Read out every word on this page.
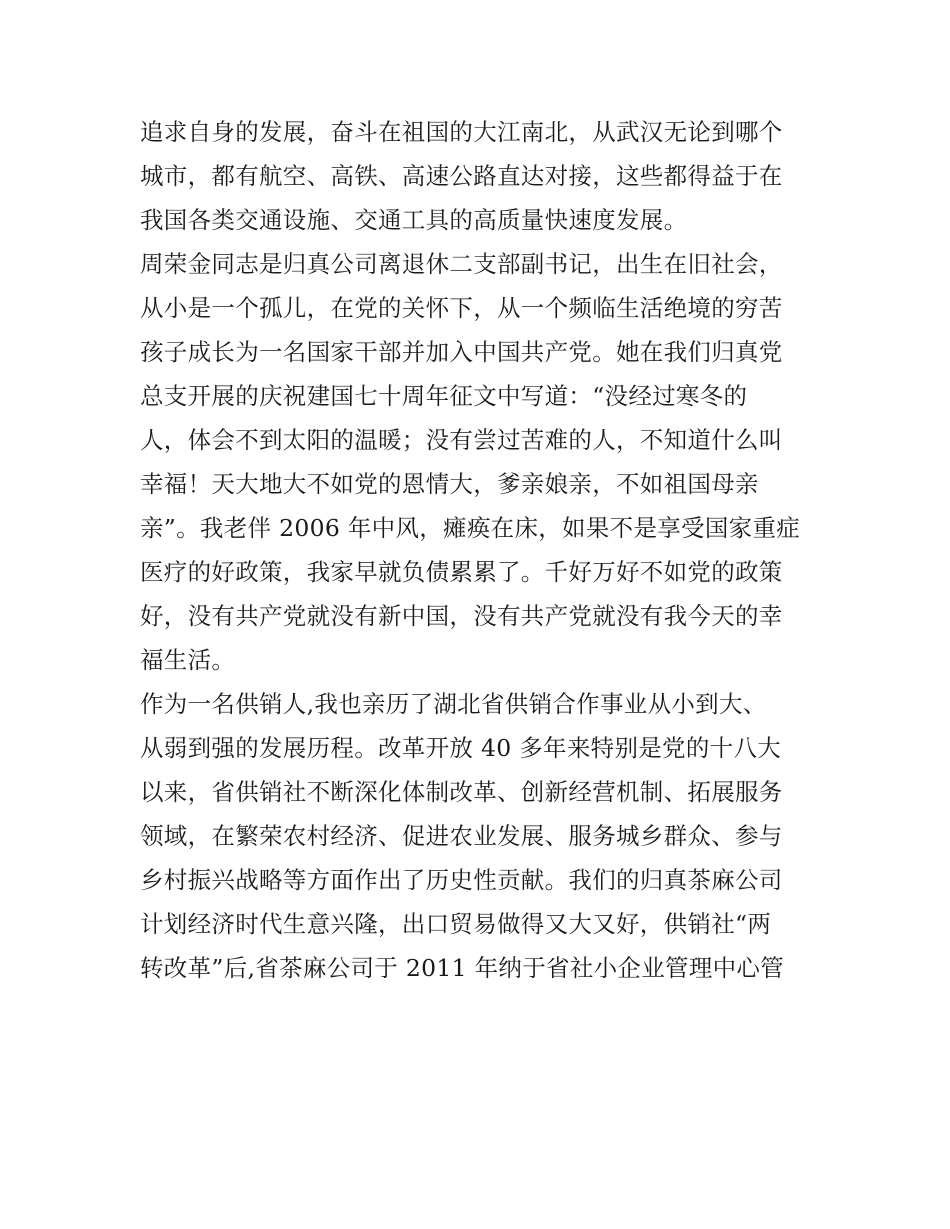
追求自身的发展，奋斗在祖国的大江南北，从武汉无论到哪个
城市，都有航空、高铁、高速公路直达对接，这些都得益于在
我国各类交通设施、交通工具的高质量快速度发展。
周荣金同志是归真公司离退休二支部副书记，出生在旧社会，
从小是一个孤儿，在党的关怀下，从一个频临生活绝境的穷苦
孩子成长为一名国家干部并加入中国共产党。她在我们归真党
总支开展的庆祝建国七十周年征文中写道：“没经过寒冬的
人，体会不到太阳的温暖；没有尝过苦难的人，不知道什么叫
幸福！天大地大不如党的恩情大，爹亲娘亲，不如祖国母亲
亲”。我老伴 2006 年中风，瘫痪在床，如果不是享受国家重症
医疗的好政策，我家早就负债累累了。千好万好不如党的政策
好，没有共产党就没有新中国，没有共产党就没有我今天的幸
福生活。
作为一名供销人,我也亲历了湖北省供销合作事业从小到大、
从弱到强的发展历程。改革开放 40 多年来特别是党的十八大
以来，省供销社不断深化体制改革、创新经营机制、拓展服务
领域，在繁荣农村经济、促进农业发展、服务城乡群众、参与
乡村振兴战略等方面作出了历史性贡献。我们的归真茶麻公司
计划经济时代生意兴隆，出口贸易做得又大又好，供销社“两
转改革”后,省茶麻公司于 2011 年纳于省社小企业管理中心管
